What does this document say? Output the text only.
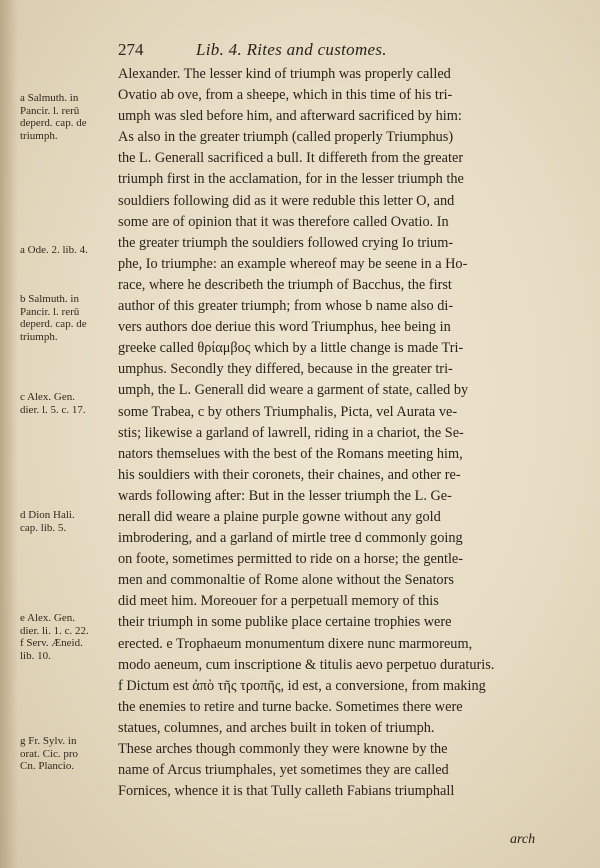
274	Lib. 4. Rites and customes.
Alexander. The lesser kind of triumph was properly called
Ovatio ab ove, from a sheepe, which in this time of his tri-
umph was sled before him, and afterward sacrificed by him:
As also in the greater triumph (called properly Triumphus)
the L. Generall sacrificed a bull. It differeth from the greater
triumph first in the acclamation, for in the lesser triumph the
souldiers following did as it were reduble this letter O, and
some are of opinion that it was therefore called Ovatio. In
the greater triumph the souldiers followed crying Io trium-
phe, Io triumphe: an example whereof may be seene in a Ho-
race, where he describeth the triumph of Bacchus, the first
author of this greater triumph; from whose b name also di-
vers authors doe deriue this word Triumphus, hee being in
greeke called θρίαμβος which by a little change is made Tri-
umphus. Secondly they differed, because in the greater tri-
umph, the L. Generall did weare a garment of state, called by
some Trabea, c by others Triumphalis, Picta, vel Aurata ve-
stis; likewise a garland of lawrell, riding in a chariot, the Se-
nators themselues with the best of the Romans meeting him,
his souldiers with their coronets, their chaines, and other re-
wards following after: But in the lesser triumph the L. Ge-
nerall did weare a plaine purple gowne without any gold
imbrodering, and a garland of mirtle tree d commonly going
on foote, sometimes permitted to ride on a horse; the gentle-
men and commonaltie of Rome alone without the Senators
did meet him. Moreouer for a perpetuall memory of this
their triumph in some publike place certaine trophies were
erected. e Trophaeum monumentum dixere nunc marmoreum,
modo aeneum, cum inscriptione & titulis aevo perpetuo duraturis.
f Dictum est ἀπὸ τῆς τροπῆς, id est, a conversione, from making
the enemies to retire and turne backe. Sometimes there were
statues, columnes, and arches built in token of triumph.
These arches though commonly they were knowne by the
name of Arcus triumphales, yet sometimes they are called
Fornices, whence it is that Tully calleth Fabians triumphall
a Salmuth. in
Pancir. l. rerū
deperd. cap. de
triumph.
a Ode. 2. lib. 4.
b Salmuth. in
Pancir. l. rerū
deperd. cap. de
triumph.
c Alex. Gen.
dier. l. 5. c. 17.
d Dion Hali.
cap. lib. 5.
e Alex. Gen.
dier. li. 1. c. 22.
f Serv. Æneid.
lib. 10.
g Fr. Sylv. in
orat. Cic. pro
Cn. Plancio.
arch
